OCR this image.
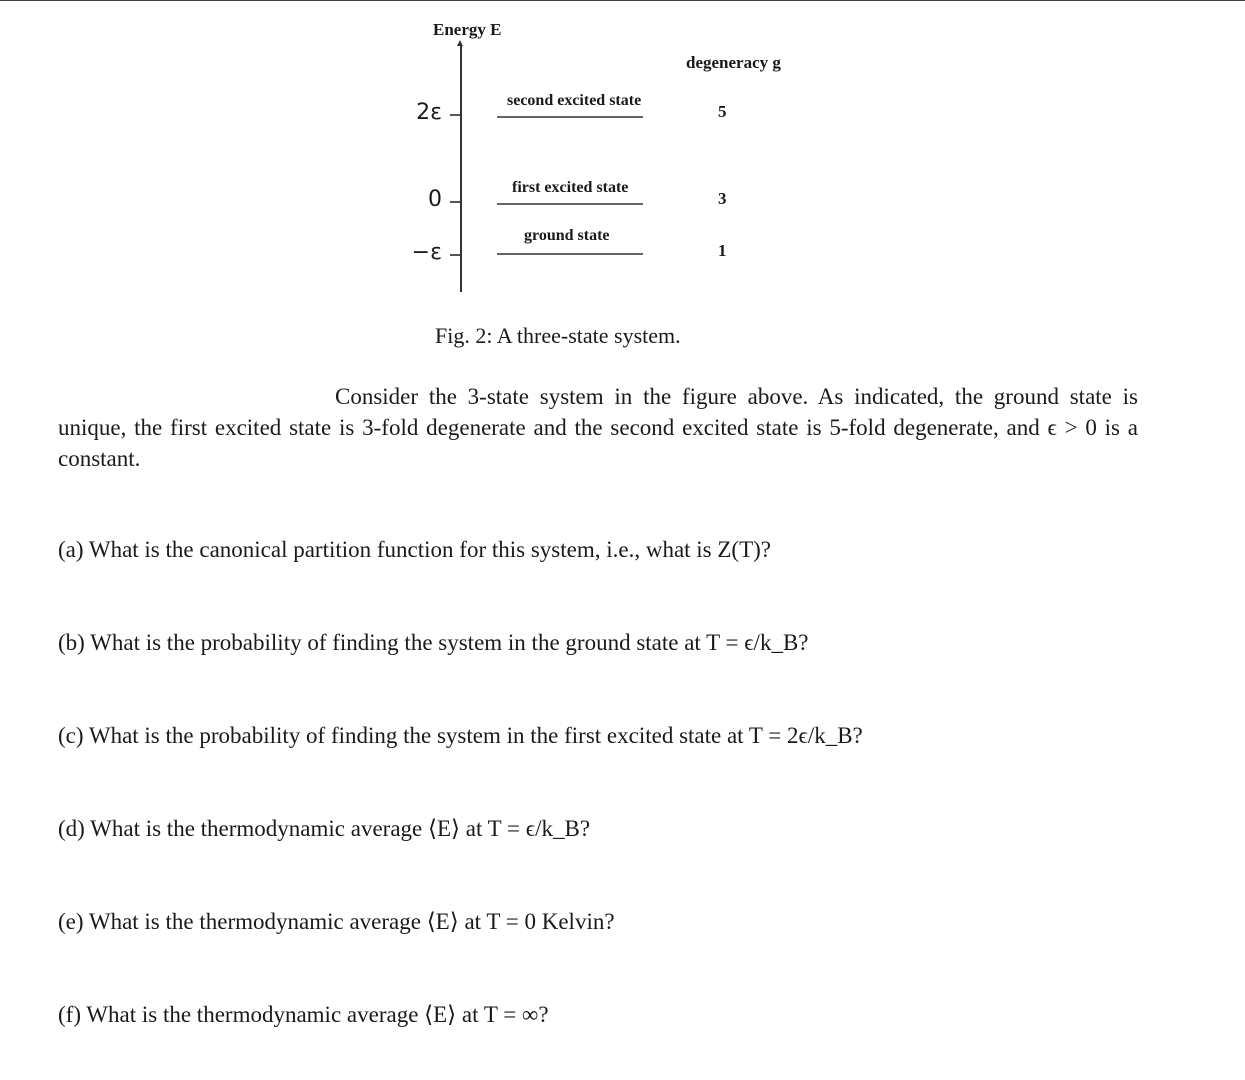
Energy E
degeneracy g
2ε
0
−ε
second excited state
5
first excited state
3
ground state
1
Fig. 2: A three-state system.
Consider the 3-state system in the figure above. As indicated, the ground state is unique, the first excited state is 3-fold degenerate and the second excited state is 5-fold degenerate, and ϵ > 0 is a constant.
(a) What is the canonical partition function for this system, i.e., what is Z(T)?
(b) What is the probability of finding the system in the ground state at T = ϵ/k_B?
(c) What is the probability of finding the system in the first excited state at T = 2ϵ/k_B?
(d) What is the thermodynamic average ⟨E⟩ at T = ϵ/k_B?
(e) What is the thermodynamic average ⟨E⟩ at T = 0 Kelvin?
(f) What is the thermodynamic average ⟨E⟩ at T = ∞?
